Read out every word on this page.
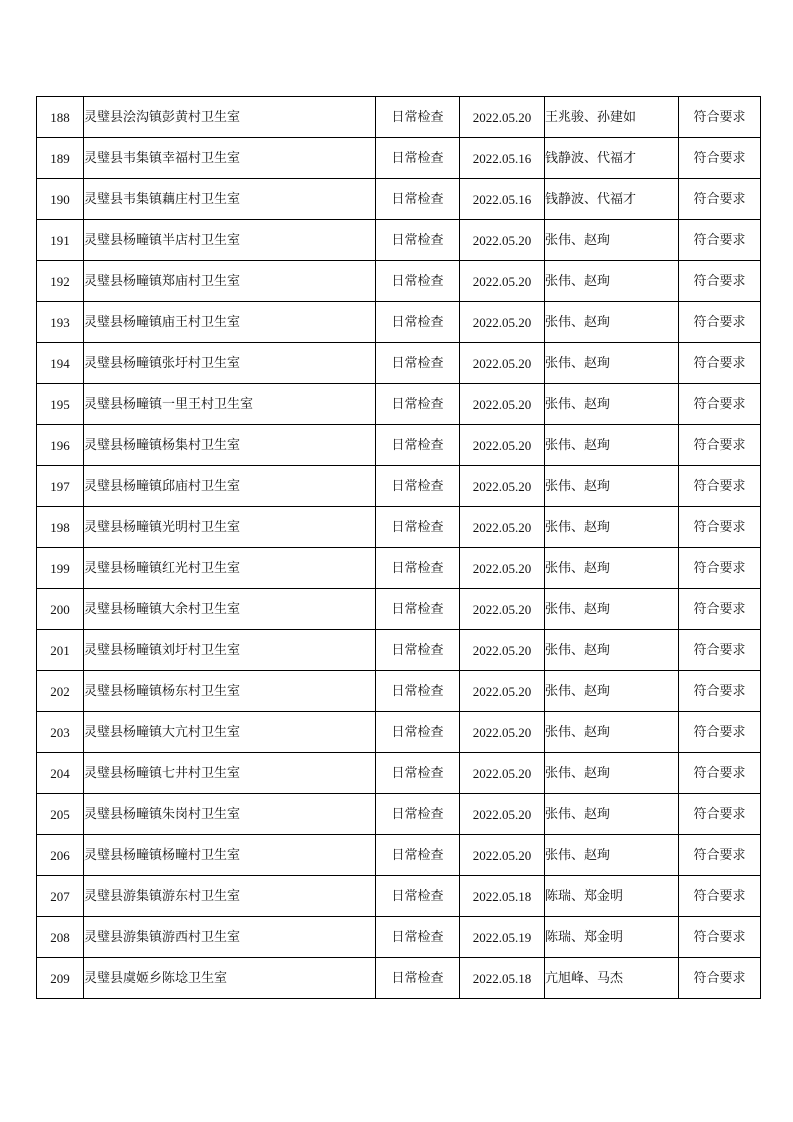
188	灵璧县浍沟镇彭黄村卫生室	日常检查	2022.05.20	王兆骏、孙建如	符合要求
189	灵璧县韦集镇幸福村卫生室	日常检查	2022.05.16	钱静波、代福才	符合要求
190	灵璧县韦集镇藕庄村卫生室	日常检查	2022.05.16	钱静波、代福才	符合要求
191	灵璧县杨疃镇半店村卫生室	日常检查	2022.05.20	张伟、赵珣	符合要求
192	灵璧县杨疃镇郑庙村卫生室	日常检查	2022.05.20	张伟、赵珣	符合要求
193	灵璧县杨疃镇庙王村卫生室	日常检查	2022.05.20	张伟、赵珣	符合要求
194	灵璧县杨疃镇张圩村卫生室	日常检查	2022.05.20	张伟、赵珣	符合要求
195	灵璧县杨疃镇一里王村卫生室	日常检查	2022.05.20	张伟、赵珣	符合要求
196	灵璧县杨疃镇杨集村卫生室	日常检查	2022.05.20	张伟、赵珣	符合要求
197	灵璧县杨疃镇邱庙村卫生室	日常检查	2022.05.20	张伟、赵珣	符合要求
198	灵璧县杨疃镇光明村卫生室	日常检查	2022.05.20	张伟、赵珣	符合要求
199	灵璧县杨疃镇红光村卫生室	日常检查	2022.05.20	张伟、赵珣	符合要求
200	灵璧县杨疃镇大余村卫生室	日常检查	2022.05.20	张伟、赵珣	符合要求
201	灵璧县杨疃镇刘圩村卫生室	日常检查	2022.05.20	张伟、赵珣	符合要求
202	灵璧县杨疃镇杨东村卫生室	日常检查	2022.05.20	张伟、赵珣	符合要求
203	灵璧县杨疃镇大亢村卫生室	日常检查	2022.05.20	张伟、赵珣	符合要求
204	灵璧县杨疃镇七井村卫生室	日常检查	2022.05.20	张伟、赵珣	符合要求
205	灵璧县杨疃镇朱岗村卫生室	日常检查	2022.05.20	张伟、赵珣	符合要求
206	灵璧县杨疃镇杨疃村卫生室	日常检查	2022.05.20	张伟、赵珣	符合要求
207	灵璧县游集镇游东村卫生室	日常检查	2022.05.18	陈瑞、郑金明	符合要求
208	灵璧县游集镇游西村卫生室	日常检查	2022.05.19	陈瑞、郑金明	符合要求
209	灵璧县虞姬乡陈埝卫生室	日常检查	2022.05.18	亢旭峰、马杰	符合要求
